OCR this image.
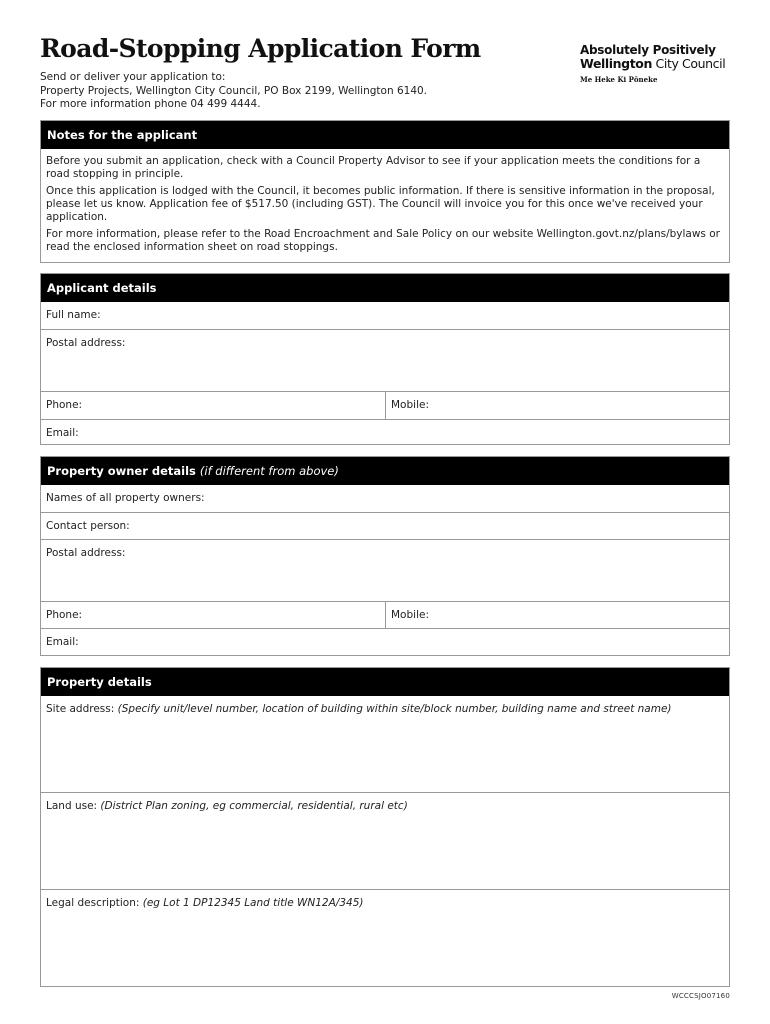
Road-Stopping Application Form
Send or deliver your application to:
Property Projects, Wellington City Council, PO Box 2199, Wellington 6140.
For more information phone 04 499 4444.
Absolutely Positively
Wellington City Council
Me Heke Ki Pōneke
Notes for the applicant

Before you submit an application, check with a Council Property Advisor to see if your application meets the conditions for a road stopping in principle.

Once this application is lodged with the Council, it becomes public information. If there is sensitive information in the proposal, please let us know. Application fee of $517.50 (including GST). The Council will invoice you for this once we've received your application.

For more information, please refer to the Road Encroachment and Sale Policy on our website Wellington.govt.nz/plans/bylaws or read the enclosed information sheet on road stoppings.

Applicant details
Full name:
Postal address:
Phone:	Mobile:
Email:
Property owner details (if different from above)
Names of all property owners:
Contact person:
Postal address:
Phone:	Mobile:
Email:
Property details
Site address: (Specify unit/level number, location of building within site/block number, building name and street name)
Land use: (District Plan zoning, eg commercial, residential, rural etc)
Legal description: (eg Lot 1 DP12345 Land title WN12A/345)
WCCCSJO07160
